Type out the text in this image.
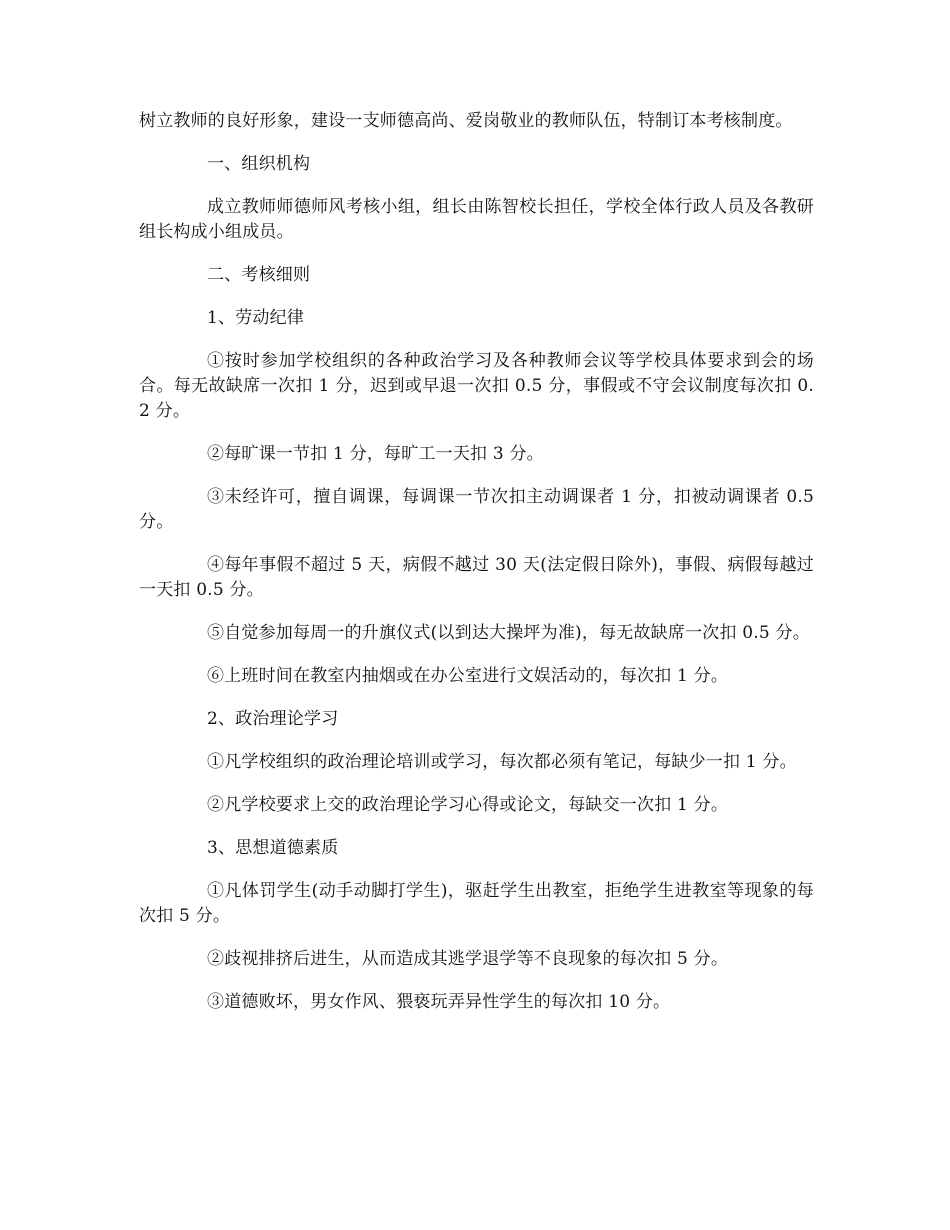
树立教师的良好形象，建设一支师德高尚、爱岗敬业的教师队伍，特制订本考核制度。

一、组织机构

成立教师师德师风考核小组，组长由陈智校长担任，学校全体行政人员及各教研组长构成小组成员。

二、考核细则

1、劳动纪律

①按时参加学校组织的各种政治学习及各种教师会议等学校具体要求到会的场合。每无故缺席一次扣 1 分，迟到或早退一次扣 0.5 分，事假或不守会议制度每次扣 0.2 分。

②每旷课一节扣 1 分，每旷工一天扣 3 分。

③未经许可，擅自调课，每调课一节次扣主动调课者 1 分，扣被动调课者 0.5 分。

④每年事假不超过 5 天，病假不越过 30 天(法定假日除外)，事假、病假每越过一天扣 0.5 分。

⑤自觉参加每周一的升旗仪式(以到达大操坪为准)，每无故缺席一次扣 0.5 分。

⑥上班时间在教室内抽烟或在办公室进行文娱活动的，每次扣 1 分。

2、政治理论学习

①凡学校组织的政治理论培训或学习，每次都必须有笔记，每缺少一扣 1 分。

②凡学校要求上交的政治理论学习心得或论文，每缺交一次扣 1 分。

3、思想道德素质

①凡体罚学生(动手动脚打学生)，驱赶学生出教室，拒绝学生进教室等现象的每次扣 5 分。

②歧视排挤后进生，从而造成其逃学退学等不良现象的每次扣 5 分。

③道德败坏，男女作风、猥亵玩弄异性学生的每次扣 10 分。
